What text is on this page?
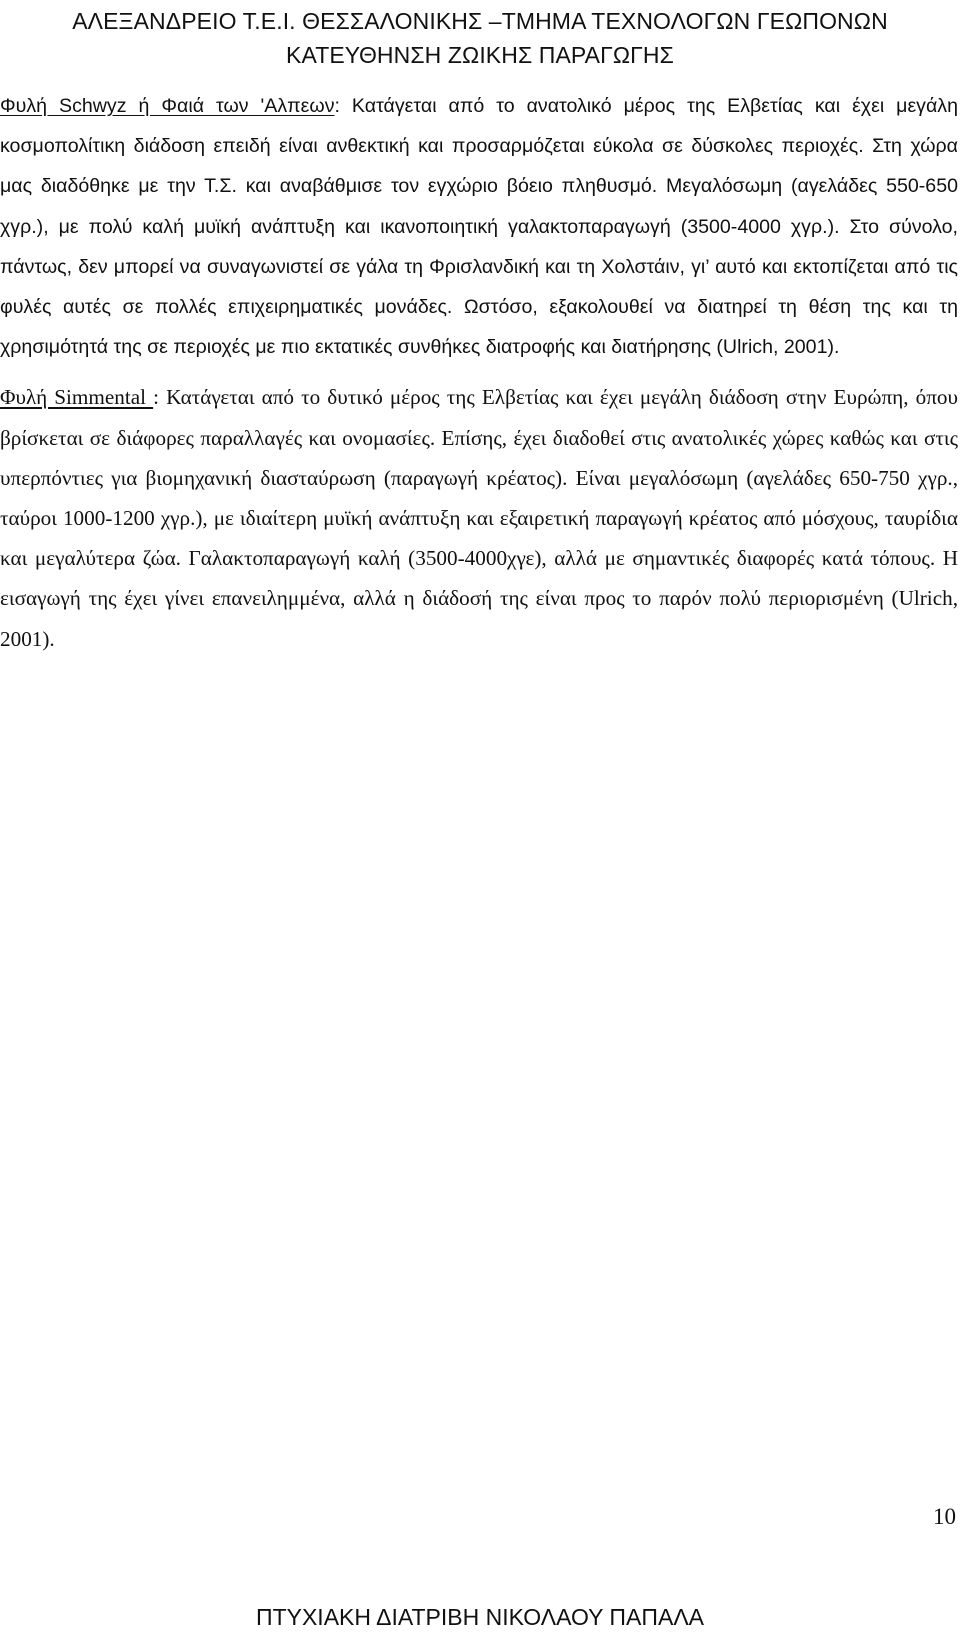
ΑΛΕΞΑΝΔΡΕΙΟ Τ.Ε.Ι. ΘΕΣΣΑΛΟΝΙΚΗΣ –ΤΜΗΜΑ ΤΕΧΝΟΛΟΓΩΝ ΓΕΩΠΟΝΩΝ
ΚΑΤΕΥΘΗΝΣΗ ΖΩΙΚΗΣ ΠΑΡΑΓΩΓΗΣ

Φυλή Schwyz ή Φαιά των 'Αλπεων: Κατάγεται από το ανατολικό μέρος της Ελβετίας και έχει μεγάλη κοσμοπολίτικη διάδοση επειδή είναι ανθεκτική και προσαρμόζεται εύκολα σε δύσκολες περιοχές. Στη χώρα μας διαδόθηκε με την Τ.Σ. και αναβάθμισε τον εγχώριο βόειο πληθυσμό. Μεγαλόσωμη (αγελάδες 550-650 χγρ.), με πολύ καλή μυϊκή ανάπτυξη και ικανοποιητική γαλακτοπαραγωγή (3500-4000 χγρ.). Στο σύνολο, πάντως, δεν μπορεί να συναγωνιστεί σε γάλα τη Φρισλανδική και τη Χολστάιν, γι’ αυτό και εκτοπίζεται από τις φυλές αυτές σε πολλές επιχειρηματικές μονάδες. Ωστόσο, εξακολουθεί να διατηρεί τη θέση της και τη χρησιμότητά της σε περιοχές με πιο εκτατικές συνθήκες διατροφής και διατήρησης (Ulrich, 2001).

Φυλή Simmental : Κατάγεται από το δυτικό μέρος της Ελβετίας και έχει μεγάλη διάδοση στην Ευρώπη, όπου βρίσκεται σε διάφορες παραλλαγές και ονομασίες. Επίσης, έχει διαδοθεί στις ανατολικές χώρες καθώς και στις υπερπόντιες για βιομηχανική διασταύρωση (παραγωγή κρέατος). Είναι μεγαλόσωμη (αγελάδες 650-750 χγρ., ταύροι 1000-1200 χγρ.), με ιδιαίτερη μυϊκή ανάπτυξη και εξαιρετική παραγωγή κρέατος από μόσχους, ταυρίδια και μεγαλύτερα ζώα. Γαλακτοπαραγωγή καλή (3500-4000χγε), αλλά με σημαντικές διαφορές κατά τόπους. Η εισαγωγή της έχει γίνει επανειλημμένα, αλλά η διάδοσή της είναι προς το παρόν πολύ περιορισμένη (Ulrich, 2001).

10
ΠΤΥΧΙΑΚΗ ΔΙΑΤΡΙΒΗ ΝΙΚΟΛΑΟΥ ΠΑΠΑΛΑ
